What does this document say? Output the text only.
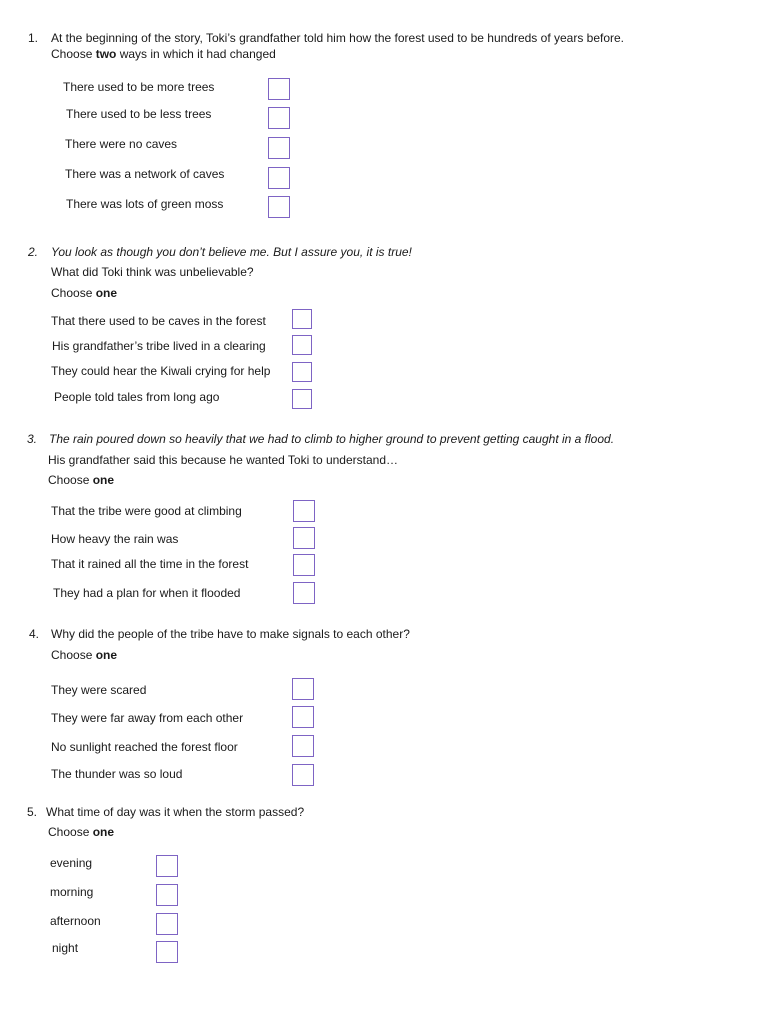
1. At the beginning of the story, Toki’s grandfather told him how the forest used to be hundreds of years before.
Choose two ways in which it had changed
There used to be more trees
There used to be less trees
There were no caves
There was a network of caves
There was lots of green moss
2. You look as though you don’t believe me. But I assure you, it is true!
What did Toki think was unbelievable?
Choose one
That there used to be caves in the forest
His grandfather’s tribe lived in a clearing
They could hear the Kiwali crying for help
People told tales from long ago
3. The rain poured down so heavily that we had to climb to higher ground to prevent getting caught in a flood.
His grandfather said this because he wanted Toki to understand…
Choose one
That the tribe were good at climbing
How heavy the rain was
That it rained all the time in the forest
They had a plan for when it flooded
4. Why did the people of the tribe have to make signals to each other?
Choose one
They were scared
They were far away from each other
No sunlight reached the forest floor
The thunder was so loud
5. What time of day was it when the storm passed?
Choose one
evening
morning
afternoon
night
